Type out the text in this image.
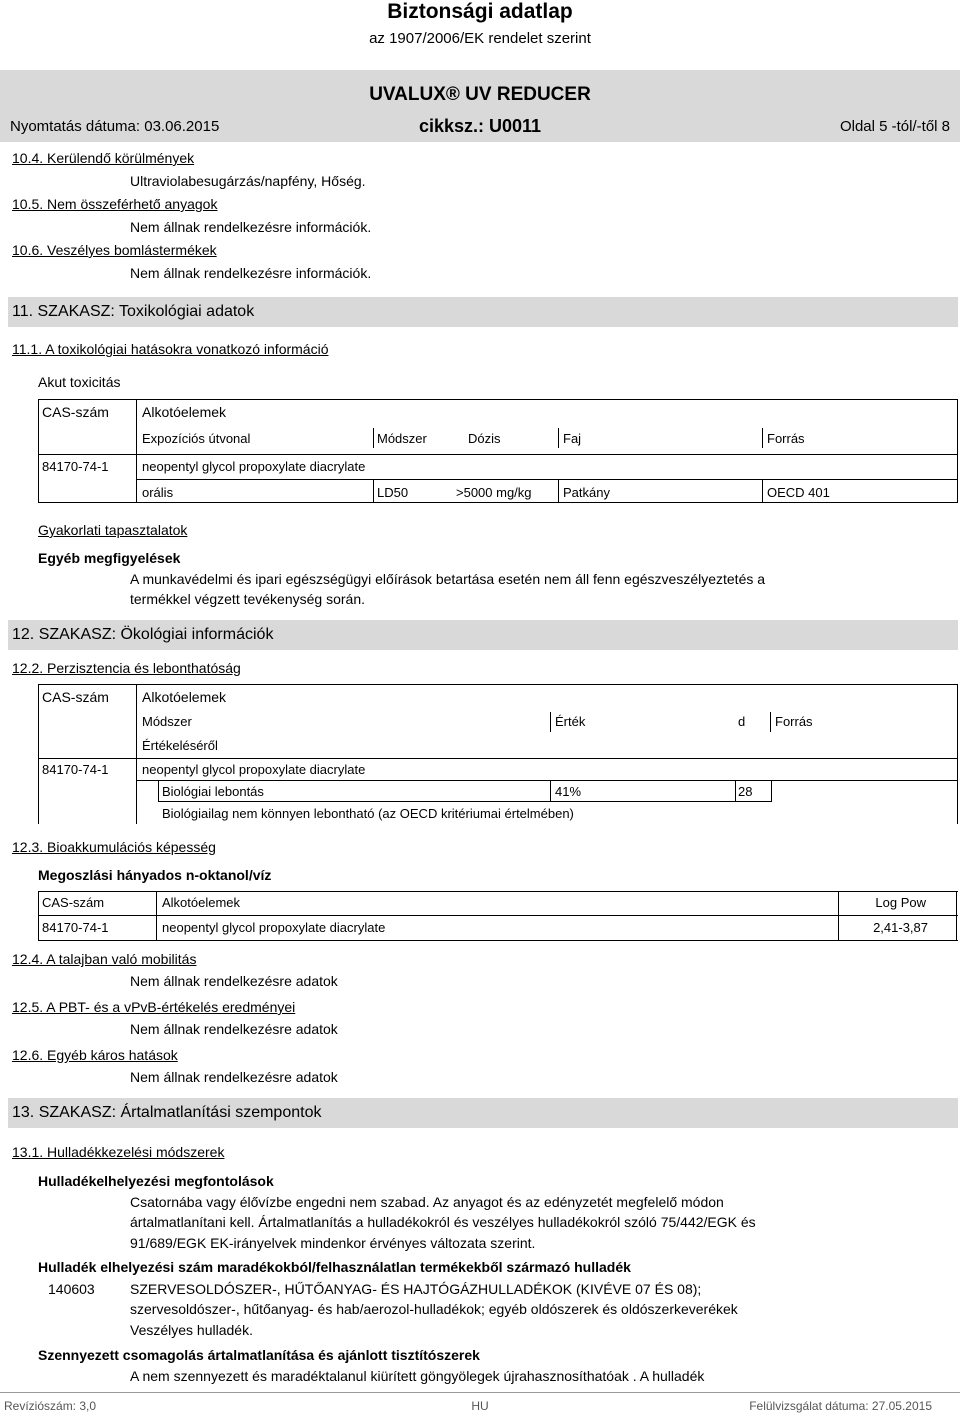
Biztonsági adatlap
az 1907/2006/EK rendelet szerint
UVALUX® UV REDUCER
Nyomtatás dátuma: 03.06.2015	cikksz.: U0011	Oldal 5 -tól/-től 8
10.4. Kerülendő körülmények
Ultraviolabesugárzás/napfény, Hőség.
10.5. Nem összeférhető anyagok
Nem állnak rendelkezésre információk.
10.6. Veszélyes bomlástermékek
Nem állnak rendelkezésre információk.
11. SZAKASZ: Toxikológiai adatok
11.1. A toxikológiai hatásokra vonatkozó információ
Akut toxicitás
CAS-szám Alkotóelemek
Expozíciós útvonal	Módszer	Dózis	Faj	Forrás
84170-74-1	neopentyl glycol propoxylate diacrylate
orális	LD50	>5000 mg/kg Patkány	OECD 401
Gyakorlati tapasztalatok
Egyéb megfigyelések
A munkavédelmi és ipari egészségügyi előírások betartása esetén nem áll fenn egészveszélyeztetés a
termékkel végzett tevékenység során.
12. SZAKASZ: Ökológiai információk
12.2. Perzisztencia és lebonthatóság
CAS-szám Alkotóelemek
Módszer	Érték	d Forrás
Értékeléséről
84170-74-1	neopentyl glycol propoxylate diacrylate
Biológiai lebontás	41%	28
Biológiailag nem könnyen lebontható (az OECD kritériumai értelmében)
12.3. Bioakkumulációs képesség
Megoszlási hányados n-oktanol/víz
CAS-szám	Alkotóelemek	Log Pow
84170-74-1	neopentyl glycol propoxylate diacrylate	2,41-3,87
12.4. A talajban való mobilitás
Nem állnak rendelkezésre adatok
12.5. A PBT- és a vPvB-értékelés eredményei
Nem állnak rendelkezésre adatok
12.6. Egyéb káros hatások
Nem állnak rendelkezésre adatok
13. SZAKASZ: Ártalmatlanítási szempontok
13.1. Hulladékkezelési módszerek
Hulladékelhelyezési megfontolások
Csatornába vagy élővízbe engedni nem szabad. Az anyagot és az edényzetét megfelelő módon
ártalmatlanítani kell. Ártalmatlanítás a hulladékokról és veszélyes hulladékokról szóló 75/442/EGK és
91/689/EGK EK-irányelvek mindenkor érvényes változata szerint.
Hulladék elhelyezési szám maradékokból/felhasználatlan termékekből származó hulladék
140603	SZERVESOLDÓSZER-, HŰTŐANYAG- ÉS HAJTÓGÁZHULLADÉKOK (KIVÉVE 07 ÉS 08);
szervesoldószer-, hűtőanyag- és hab/aerozol-hulladékok; egyéb oldószerek és oldószerkeverékek
Veszélyes hulladék.
Szennyezett csomagolás ártalmatlanítása és ajánlott tisztítószerek
A nem szennyezett és maradéktalanul kiürített göngyölegek újrahasznosíthatóak . A hulladék
Revíziószám: 3,0	HU	Felülvizsgálat dátuma: 27.05.2015
